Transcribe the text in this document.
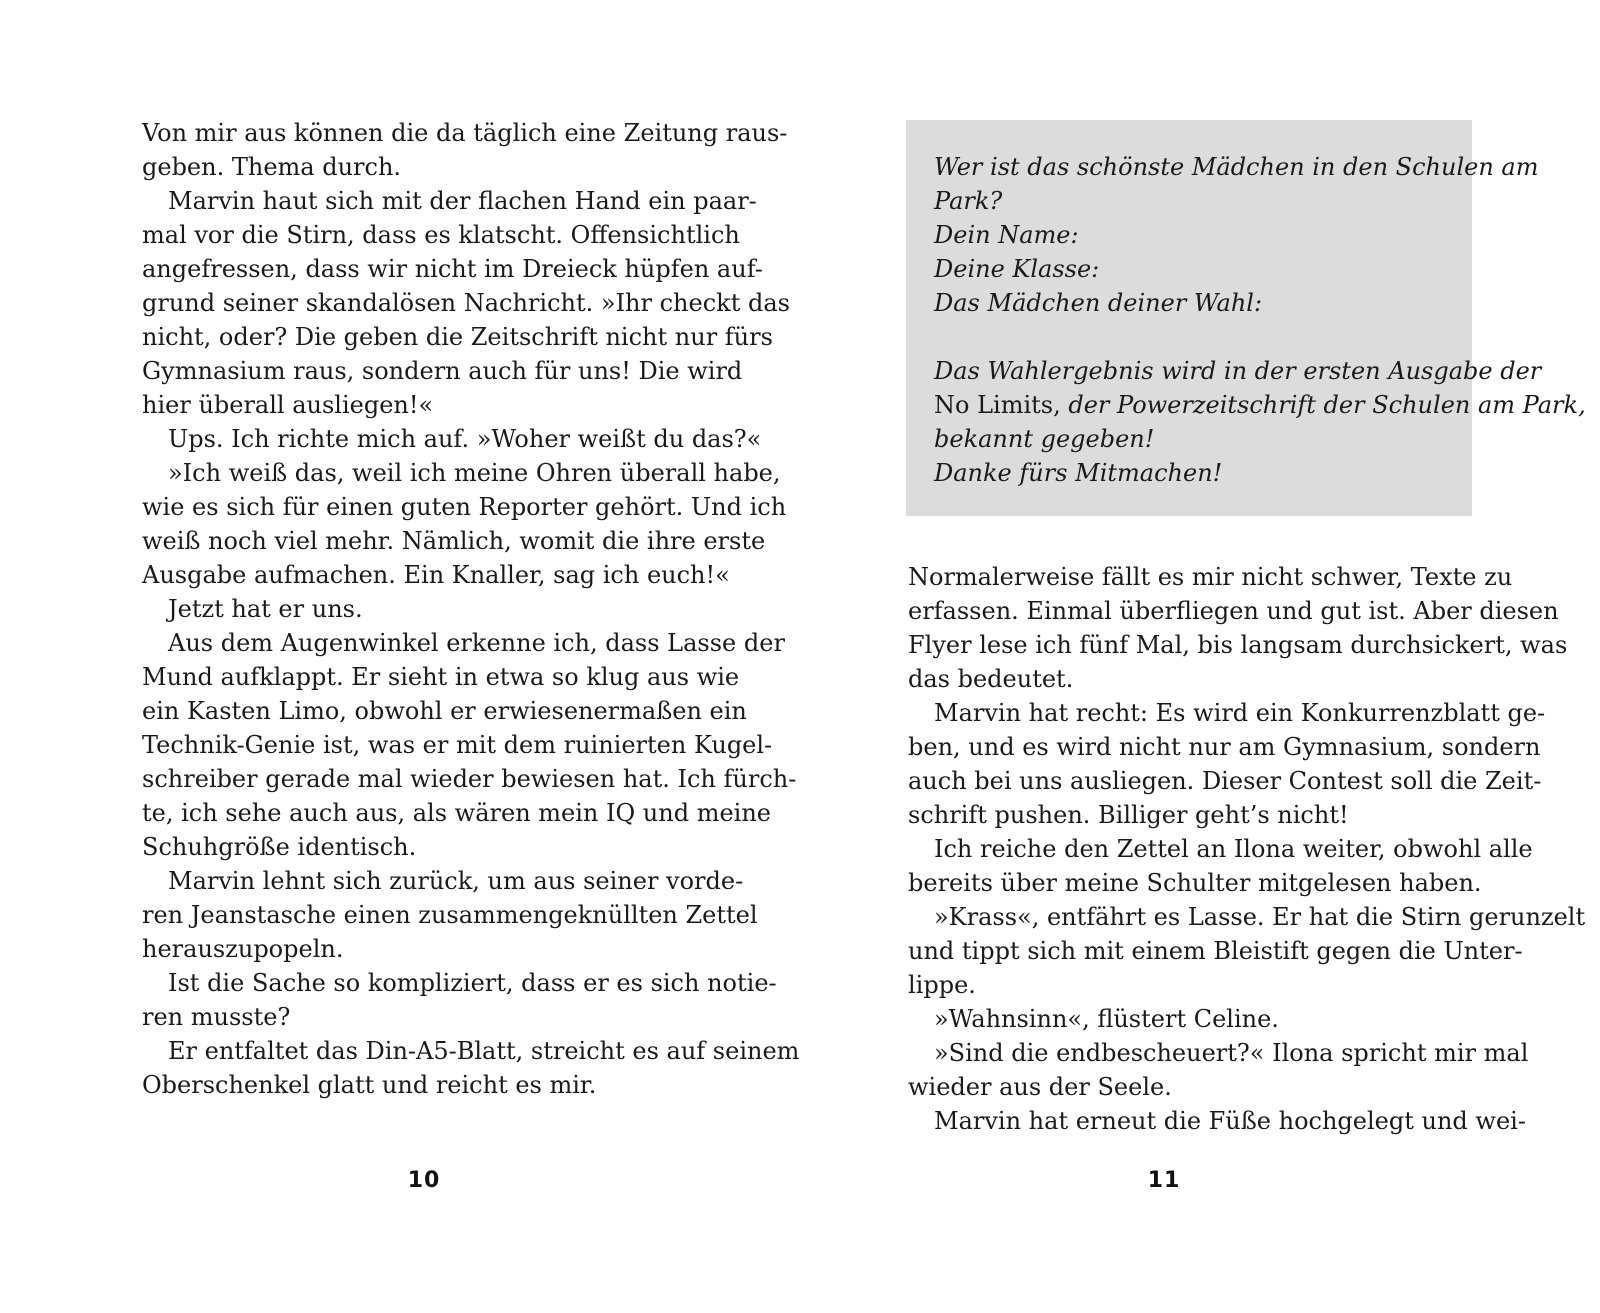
Von mir aus können die da täglich eine Zeitung raus-
geben. Thema durch.
Marvin haut sich mit der flachen Hand ein paar-
mal vor die Stirn, dass es klatscht. Offensichtlich
angefressen, dass wir nicht im Dreieck hüpfen auf-
grund seiner skandalösen Nachricht. »Ihr checkt das
nicht, oder? Die geben die Zeitschrift nicht nur fürs
Gymnasium raus, sondern auch für uns! Die wird
hier überall ausliegen!«
Ups. Ich richte mich auf. »Woher weißt du das?«
»Ich weiß das, weil ich meine Ohren überall habe,
wie es sich für einen guten Reporter gehört. Und ich
weiß noch viel mehr. Nämlich, womit die ihre erste
Ausgabe aufmachen. Ein Knaller, sag ich euch!«
Jetzt hat er uns.
Aus dem Augenwinkel erkenne ich, dass Lasse der
Mund aufklappt. Er sieht in etwa so klug aus wie
ein Kasten Limo, obwohl er erwiesenermaßen ein
Technik-Genie ist, was er mit dem ruinierten Kugel-
schreiber gerade mal wieder bewiesen hat. Ich fürch-
te, ich sehe auch aus, als wären mein IQ und meine
Schuhgröße identisch.
Marvin lehnt sich zurück, um aus seiner vorde-
ren Jeanstasche einen zusammengeknüllten Zettel
herauszupopeln.
Ist die Sache so kompliziert, dass er es sich notie-
ren musste?
Er entfaltet das Din-A5-Blatt, streicht es auf seinem
Oberschenkel glatt und reicht es mir.
10
Wer ist das schönste Mädchen in den Schulen am
Park?
Dein Name:
Deine Klasse:
Das Mädchen deiner Wahl:
Das Wahlergebnis wird in der ersten Ausgabe der
No Limits, der Powerzeitschrift der Schulen am Park,
bekannt gegeben!
Danke fürs Mitmachen!
Normalerweise fällt es mir nicht schwer, Texte zu
erfassen. Einmal überfliegen und gut ist. Aber diesen
Flyer lese ich fünf Mal, bis langsam durchsickert, was
das bedeutet.
Marvin hat recht: Es wird ein Konkurrenzblatt ge-
ben, und es wird nicht nur am Gymnasium, sondern
auch bei uns ausliegen. Dieser Contest soll die Zeit-
schrift pushen. Billiger geht’s nicht!
Ich reiche den Zettel an Ilona weiter, obwohl alle
bereits über meine Schulter mitgelesen haben.
»Krass«, entfährt es Lasse. Er hat die Stirn gerunzelt
und tippt sich mit einem Bleistift gegen die Unter-
lippe.
»Wahnsinn«, flüstert Celine.
»Sind die endbescheuert?« Ilona spricht mir mal
wieder aus der Seele.
Marvin hat erneut die Füße hochgelegt und wei-
11
